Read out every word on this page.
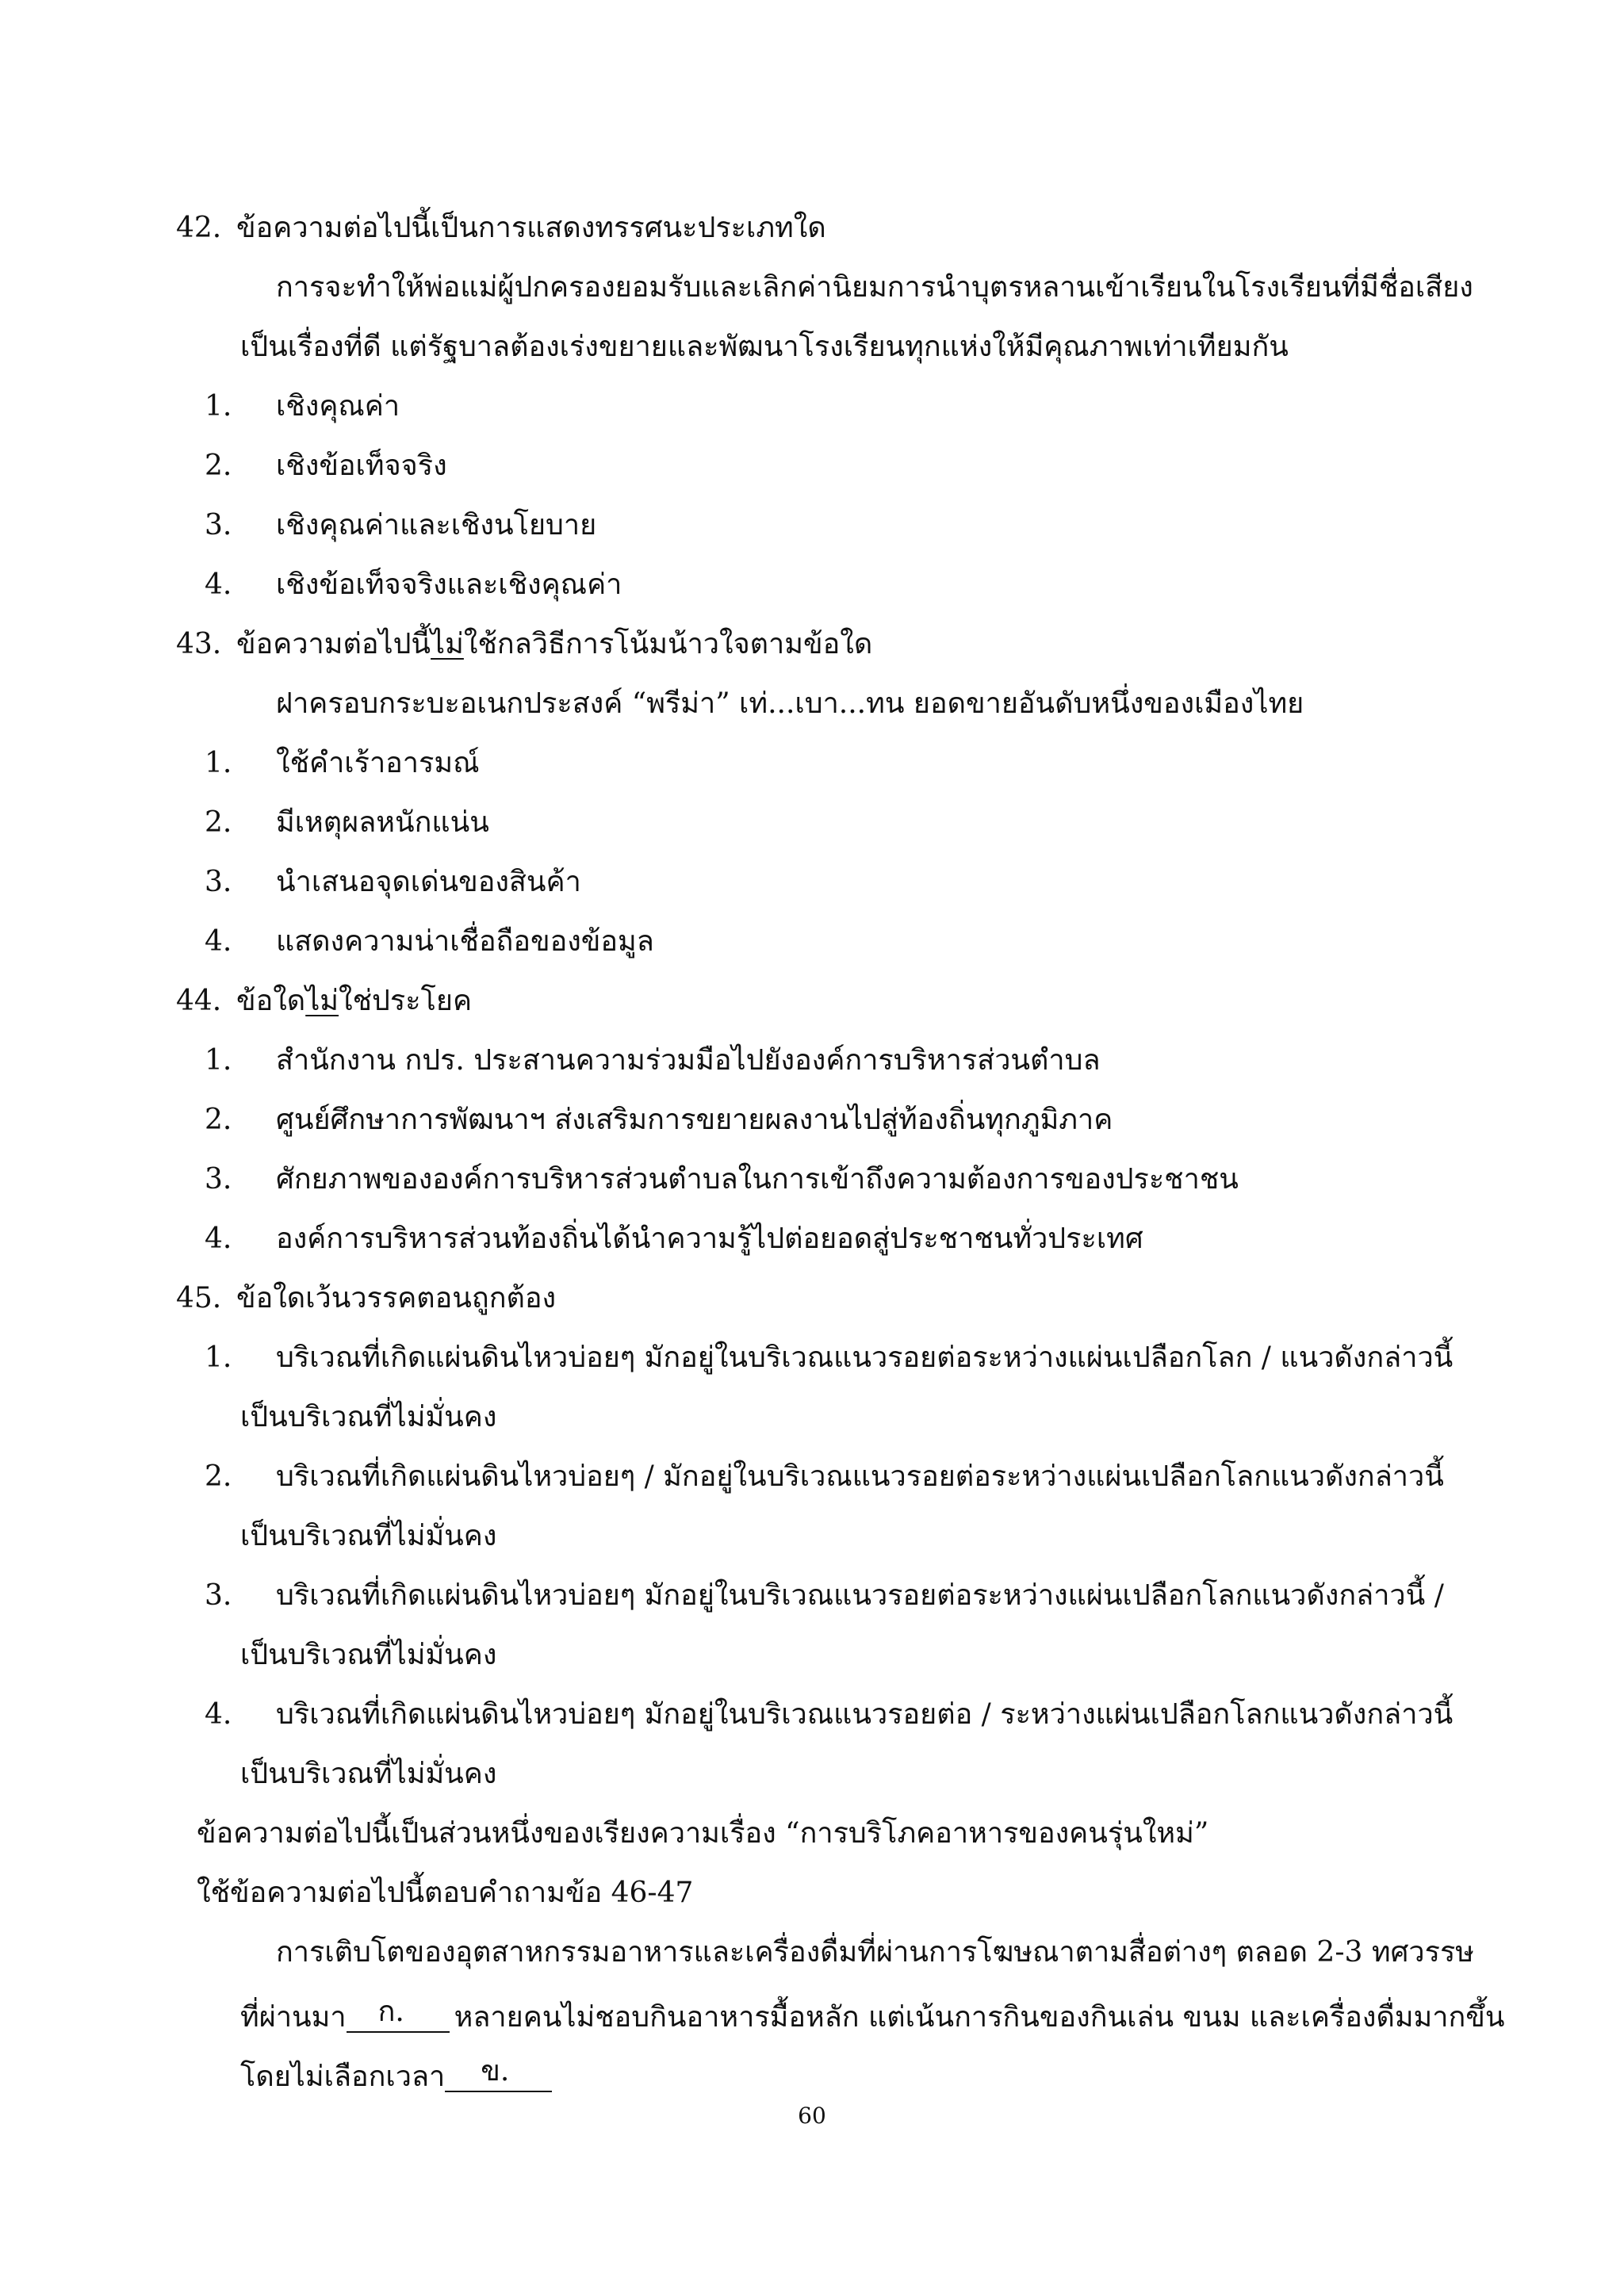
42. ข้อความต่อไปนี้เป็นการแสดงทรรศนะประเภทใด
การจะทำให้พ่อแม่ผู้ปกครองยอมรับและเลิกค่านิยมการนำบุตรหลานเข้าเรียนในโรงเรียนที่มีชื่อเสียง
เป็นเรื่องที่ดี แต่รัฐบาลต้องเร่งขยายและพัฒนาโรงเรียนทุกแห่งให้มีคุณภาพเท่าเทียมกัน
1. เชิงคุณค่า
2. เชิงข้อเท็จจริง
3. เชิงคุณค่าและเชิงนโยบาย
4. เชิงข้อเท็จจริงและเชิงคุณค่า
43. ข้อความต่อไปนี้ไม่ใช้กลวิธีการโน้มน้าวใจตามข้อใด
ฝาครอบกระบะอเนกประสงค์ “พรีม่า” เท่...เบา...ทน ยอดขายอันดับหนึ่งของเมืองไทย
1. ใช้คำเร้าอารมณ์
2. มีเหตุผลหนักแน่น
3. นำเสนอจุดเด่นของสินค้า
4. แสดงความน่าเชื่อถือของข้อมูล
44. ข้อใดไม่ใช่ประโยค
1. สำนักงาน กปร. ประสานความร่วมมือไปยังองค์การบริหารส่วนตำบล
2. ศูนย์ศึกษาการพัฒนาฯ ส่งเสริมการขยายผลงานไปสู่ท้องถิ่นทุกภูมิภาค
3. ศักยภาพขององค์การบริหารส่วนตำบลในการเข้าถึงความต้องการของประชาชน
4. องค์การบริหารส่วนท้องถิ่นได้นำความรู้ไปต่อยอดสู่ประชาชนทั่วประเทศ
45. ข้อใดเว้นวรรคตอนถูกต้อง
1. บริเวณที่เกิดแผ่นดินไหวบ่อยๆ มักอยู่ในบริเวณแนวรอยต่อระหว่างแผ่นเปลือกโลก / แนวดังกล่าวนี้
เป็นบริเวณที่ไม่มั่นคง
2. บริเวณที่เกิดแผ่นดินไหวบ่อยๆ / มักอยู่ในบริเวณแนวรอยต่อระหว่างแผ่นเปลือกโลกแนวดังกล่าวนี้
เป็นบริเวณที่ไม่มั่นคง
3. บริเวณที่เกิดแผ่นดินไหวบ่อยๆ มักอยู่ในบริเวณแนวรอยต่อระหว่างแผ่นเปลือกโลกแนวดังกล่าวนี้ /
เป็นบริเวณที่ไม่มั่นคง
4. บริเวณที่เกิดแผ่นดินไหวบ่อยๆ มักอยู่ในบริเวณแนวรอยต่อ / ระหว่างแผ่นเปลือกโลกแนวดังกล่าวนี้
เป็นบริเวณที่ไม่มั่นคง
ข้อความต่อไปนี้เป็นส่วนหนึ่งของเรียงความเรื่อง “การบริโภคอาหารของคนรุ่นใหม่”
ใช้ข้อความต่อไปนี้ตอบคำถามข้อ 46-47
การเติบโตของอุตสาหกรรมอาหารและเครื่องดื่มที่ผ่านการโฆษณาตามสื่อต่างๆ ตลอด 2-3 ทศวรรษ
ที่ผ่านมา ก. หลายคนไม่ชอบกินอาหารมื้อหลัก แต่เน้นการกินของกินเล่น ขนม และเครื่องดื่มมากขึ้น
โดยไม่เลือกเวลา ข.
60
